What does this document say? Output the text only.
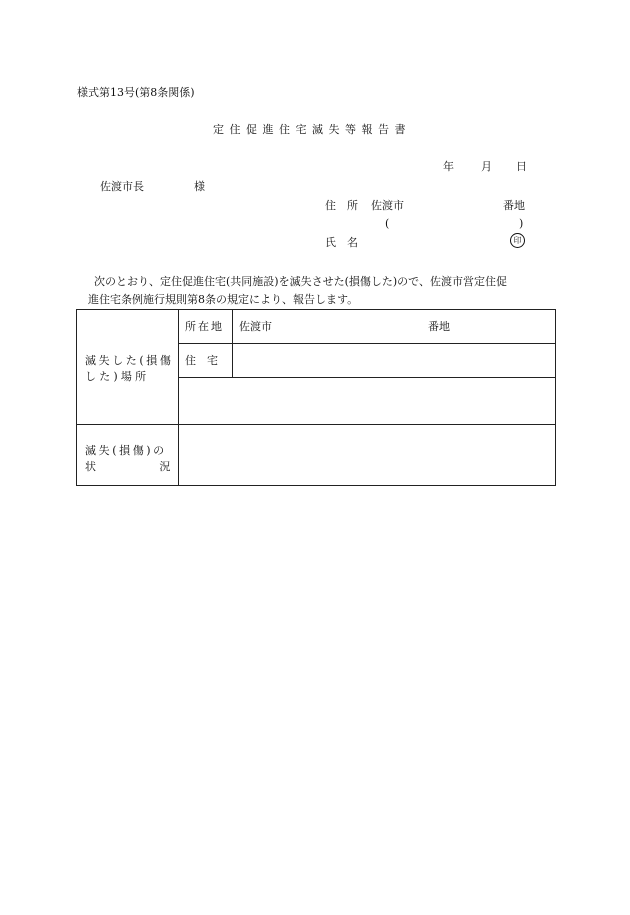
様式第13号(第8条関係)
定住促進住宅滅失等報告書
年 月 日
佐渡市長	様
住　所 佐渡市	番地
(	)
氏　名	印
次のとおり、定住促進住宅(共同施設)を滅失させた(損傷した)ので、佐渡市営定住促
進住宅条例施行規則第8条の規定により、報告します。
滅失した(損傷
した)場所
所在地 佐渡市	番地
住　宅
滅失(損傷)の
状	況
